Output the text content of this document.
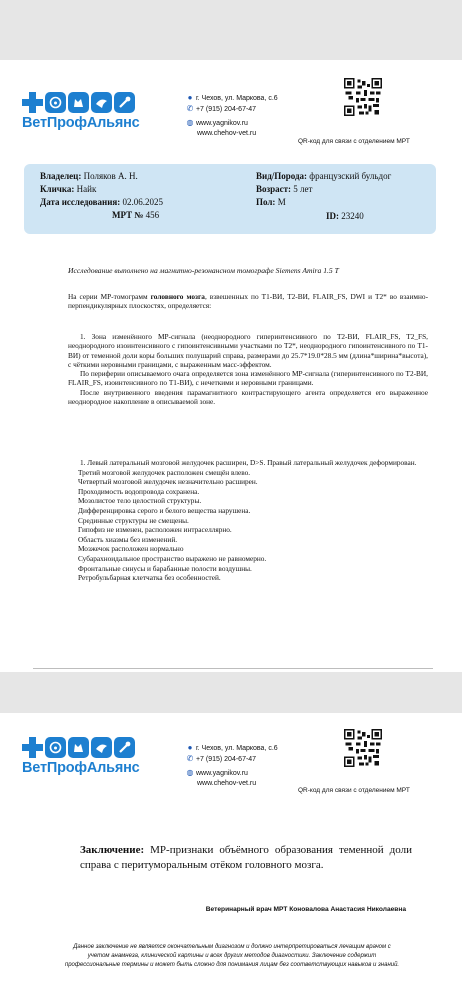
ВетПрофАльянс
● г. Чехов, ул. Маркова, с.6
✆ +7 (915) 204-67-47
◍ www.yagnikov.ru
www.chehov-vet.ru
QR-код для связи с отделением МРТ
Владелец: Поляков А. Н.
Кличка: Найк
Дата исследования: 02.06.2025
МРТ № 456
Вид/Порода: французский бульдог
Возраст: 5 лет
Пол: М
ID: 23240
Исследование выполнено на магнитно-резонансном томографе Siemens Amira 1.5 T
На серии МР-томограмм головного мозга, взвешенных по Т1-ВИ, Т2-ВИ, FLAIR_FS, DWI и Т2* во взаимно-перпендикулярных плоскостях, определяется:

1. Зона изменённого МР-сигнала (неоднородного гиперинтенсивного по Т2-ВИ, FLAIR_FS, T2_FS, неоднородного изоинтенсивного с гипоинтенсивными участками по Т2*, неоднородного гипоинтенсивного по Т1-ВИ) от теменной доли коры больших полушарий справа, размерами до 25.7*19.0*28.5 мм (длина*ширина*высота), с чёткими неровными границами, с выраженным масс-эффектом.

По периферии описываемого очага определяется зона изменённого МР-сигнала (гиперинтенсивного по Т2-ВИ, FLAIR_FS, изоинтенсивного по Т1-ВИ), с нечеткими и неровными границами.

После внутривенного введения парамагнитного контрастирующего агента определяется его выраженное неоднородное накопление в описываемой зоне.

1. Левый латеральный мозговой желудочек расширен, D>S. Правый латеральный желудочек деформирован.
Третий мозговой желудочек расположен смещён влево.
Четвертый мозговой желудочек незначительно расширен.
Проходимость водопровода сохранена.
Мозолистое тело целостной структуры.
Дифференцировка серого и белого вещества нарушена.
Срединные структуры не смещены.
Гипофиз не изменен, расположен интраселлярно.
Область хиазмы без изменений.
Мозжечок расположен нормально
Субарахноидальное пространство выражено не равномерно.
Фронтальные синусы и барабанные полости воздушны.
Ретробульбарная клетчатка без особенностей.
ВетПрофАльянс
● г. Чехов, ул. Маркова, с.6
✆ +7 (915) 204-67-47
◍ www.yagnikov.ru
www.chehov-vet.ru
QR-код для связи с отделением МРТ
Заключение: МР-признаки объёмного образования теменной доли справа с перитуморальным отёком головного мозга.
Ветеринарный врач МРТ Коновалова Анастасия Николаевна
Данное заключение не является окончательным диагнозом и должно интерпретироваться лечащим врачом с учетом анамнеза, клинической картины и всех других методов диагностики. Заключение содержит профессиональные термины и может быть сложно для понимания лицам без соответствующих навыков и знаний.
